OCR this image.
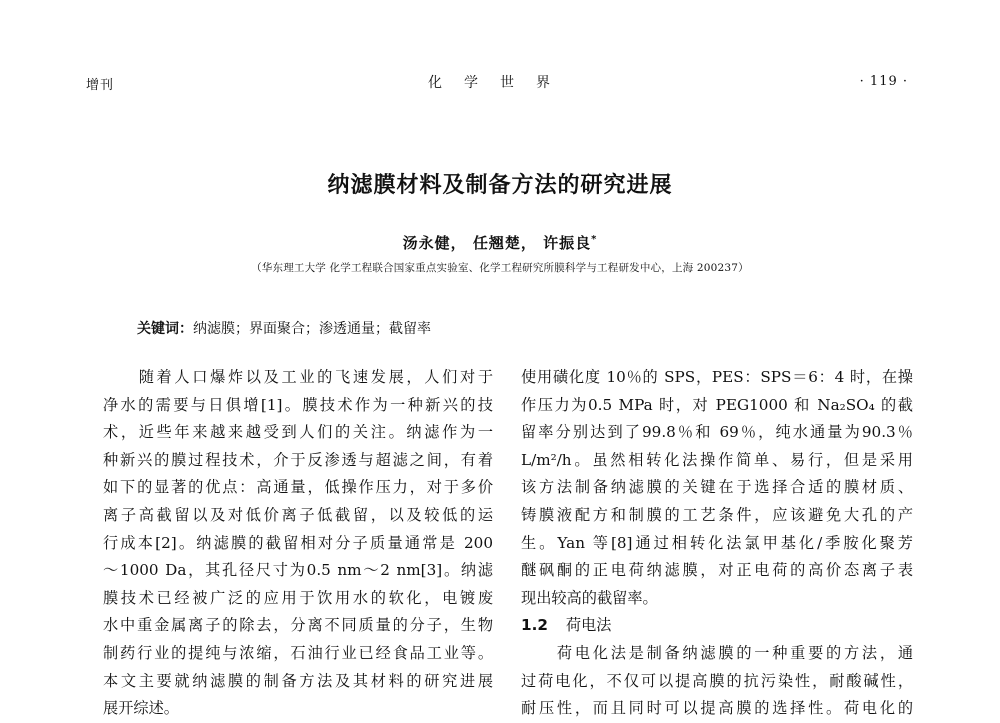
增刊	化学世界	· 119 ·
纳滤膜材料及制备方法的研究进展
汤永健， 任翘楚， 许振良*
（华东理工大学 化学工程联合国家重点实验室、化学工程研究所膜科学与工程研发中心，上海 200237）
关键词：纳滤膜；界面聚合；渗透通量；截留率
　　随着人口爆炸以及工业的飞速发展，人们对于
净水的需要与日俱增[1]。膜技术作为一种新兴的技
术，近些年来越来越受到人们的关注。纳滤作为一
种新兴的膜过程技术，介于反渗透与超滤之间，有着
如下的显著的优点：高通量，低操作压力，对于多价
离子高截留以及对低价离子低截留，以及较低的运
行成本[2]。纳滤膜的截留相对分子质量通常是 200
～1000 Da，其孔径尺寸为0.5 nm～2 nm[3]。纳滤
膜技术已经被广泛的应用于饮用水的软化，电镀废
水中重金属离子的除去，分离不同质量的分子，生物
制药行业的提纯与浓缩，石油行业已经食品工业等。
本文主要就纳滤膜的制备方法及其材料的研究进展
展开综述。
使用磺化度 10％的 SPS，PES：SPS＝6：4 时，在操
作压力为0.5 MPa 时，对 PEG1000 和 Na₂SO₄ 的截
留率分别达到了99.8％和 69％，纯水通量为90.3％
L/m²/h。虽然相转化法操作简单、易行，但是采用
该方法制备纳滤膜的关键在于选择合适的膜材质、
铸膜液配方和制膜的工艺条件，应该避免大孔的产
生。Yan 等[8]通过相转化法氯甲基化/季胺化聚芳
醚砜酮的正电荷纳滤膜，对正电荷的高价态离子表
现出较高的截留率。
1.2 荷电法
　　荷电化法是制备纳滤膜的一种重要的方法，通
过荷电化，不仅可以提高膜的抗污染性，耐酸碱性，
耐压性，而且同时可以提高膜的选择性。荷电化的
